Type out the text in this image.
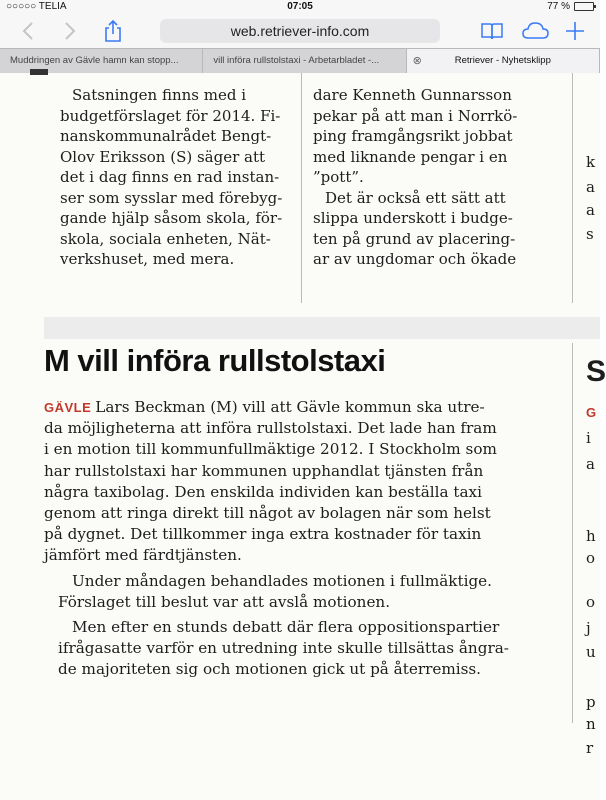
○○○○○ TELIA	07:05	77 %
web.retriever-info.com
Muddringen av Gävle hamn kan stopp...	vill införa rullstolstaxi - Arbetarbladet -...	⊗	Retriever - Nyhetsklipp
Satsningen finns med i
budgetförslaget för 2014. Fi-
nanskommunalrådet Bengt-
Olov Eriksson (S) säger att
det i dag finns en rad instan-
ser som sysslar med förebyg-
gande hjälp såsom skola, för-
skola, sociala enheten, Nät-
verkshuset, med mera.
dare Kenneth Gunnarsson
pekar på att man i Norrkö-
ping framgångsrikt jobbat
med liknande pengar i en
”pott”.
Det är också ett sätt att
slippa underskott i budge-
ten på grund av placering-
ar av ungdomar och ökade
M vill införa rullstolstaxi

GÄVLE Lars Beckman (M) vill att Gävle kommun ska utre-
da möjligheterna att införa rullstolstaxi. Det lade han fram
i en motion till kommunfullmäktige 2012. I Stockholm som
har rullstolstaxi har kommunen upphandlat tjänsten från
några taxibolag. Den enskilda individen kan beställa taxi
genom att ringa direkt till något av bolagen när som helst
på dygnet. Det tillkommer inga extra kostnader för taxin
jämfört med färdtjänsten.

Under måndagen behandlades motionen i fullmäktige.
Förslaget till beslut var att avslå motionen.

Men efter en stunds debatt där flera oppositionspartier
ifrågasatte varför en utredning inte skulle tillsättas ångra-
de majoriteten sig och motionen gick ut på återremiss.

k
a
a
s
S
G
i
a
h
o
o
j
u
p
n
r
